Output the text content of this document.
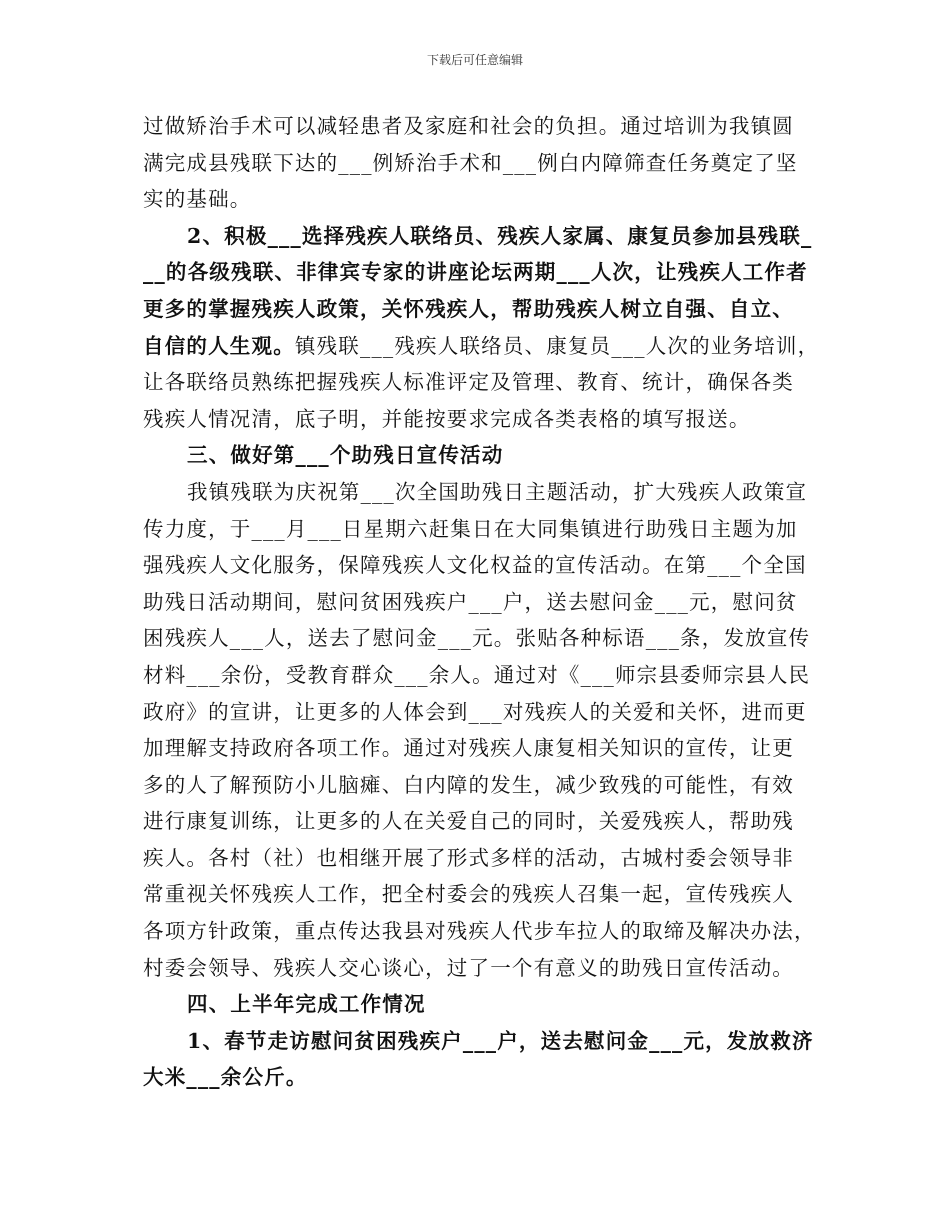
下载后可任意编辑
过做矫治手术可以减轻患者及家庭和社会的负担。通过培训为我镇圆
满完成县残联下达的___例矫治手术和___例白内障筛查任务奠定了坚
实的基础。
2、积极___选择残疾人联络员、残疾人家属、康复员参加县残联_
__的各级残联、非律宾专家的讲座论坛两期___人次，让残疾人工作者
更多的掌握残疾人政策，关怀残疾人，帮助残疾人树立自强、自立、
自信的人生观。镇残联___残疾人联络员、康复员___人次的业务培训，
让各联络员熟练把握残疾人标准评定及管理、教育、统计，确保各类
残疾人情况清，底子明，并能按要求完成各类表格的填写报送。
三、做好第___个助残日宣传活动
我镇残联为庆祝第___次全国助残日主题活动，扩大残疾人政策宣
传力度，于___月___日星期六赶集日在大同集镇进行助残日主题为加
强残疾人文化服务，保障残疾人文化权益的宣传活动。在第___个全国
助残日活动期间，慰问贫困残疾户___户，送去慰问金___元，慰问贫
困残疾人___人，送去了慰问金___元。张贴各种标语___条，发放宣传
材料___余份，受教育群众___余人。通过对《___师宗县委师宗县人民
政府》的宣讲，让更多的人体会到___对残疾人的关爱和关怀，进而更
加理解支持政府各项工作。通过对残疾人康复相关知识的宣传，让更
多的人了解预防小儿脑瘫、白内障的发生，减少致残的可能性，有效
进行康复训练，让更多的人在关爱自己的同时，关爱残疾人，帮助残
疾人。各村（社）也相继开展了形式多样的活动，古城村委会领导非
常重视关怀残疾人工作，把全村委会的残疾人召集一起，宣传残疾人
各项方针政策，重点传达我县对残疾人代步车拉人的取缔及解决办法，
村委会领导、残疾人交心谈心，过了一个有意义的助残日宣传活动。
四、上半年完成工作情况
1、春节走访慰问贫困残疾户___户，送去慰问金___元，发放救济
大米___余公斤。
